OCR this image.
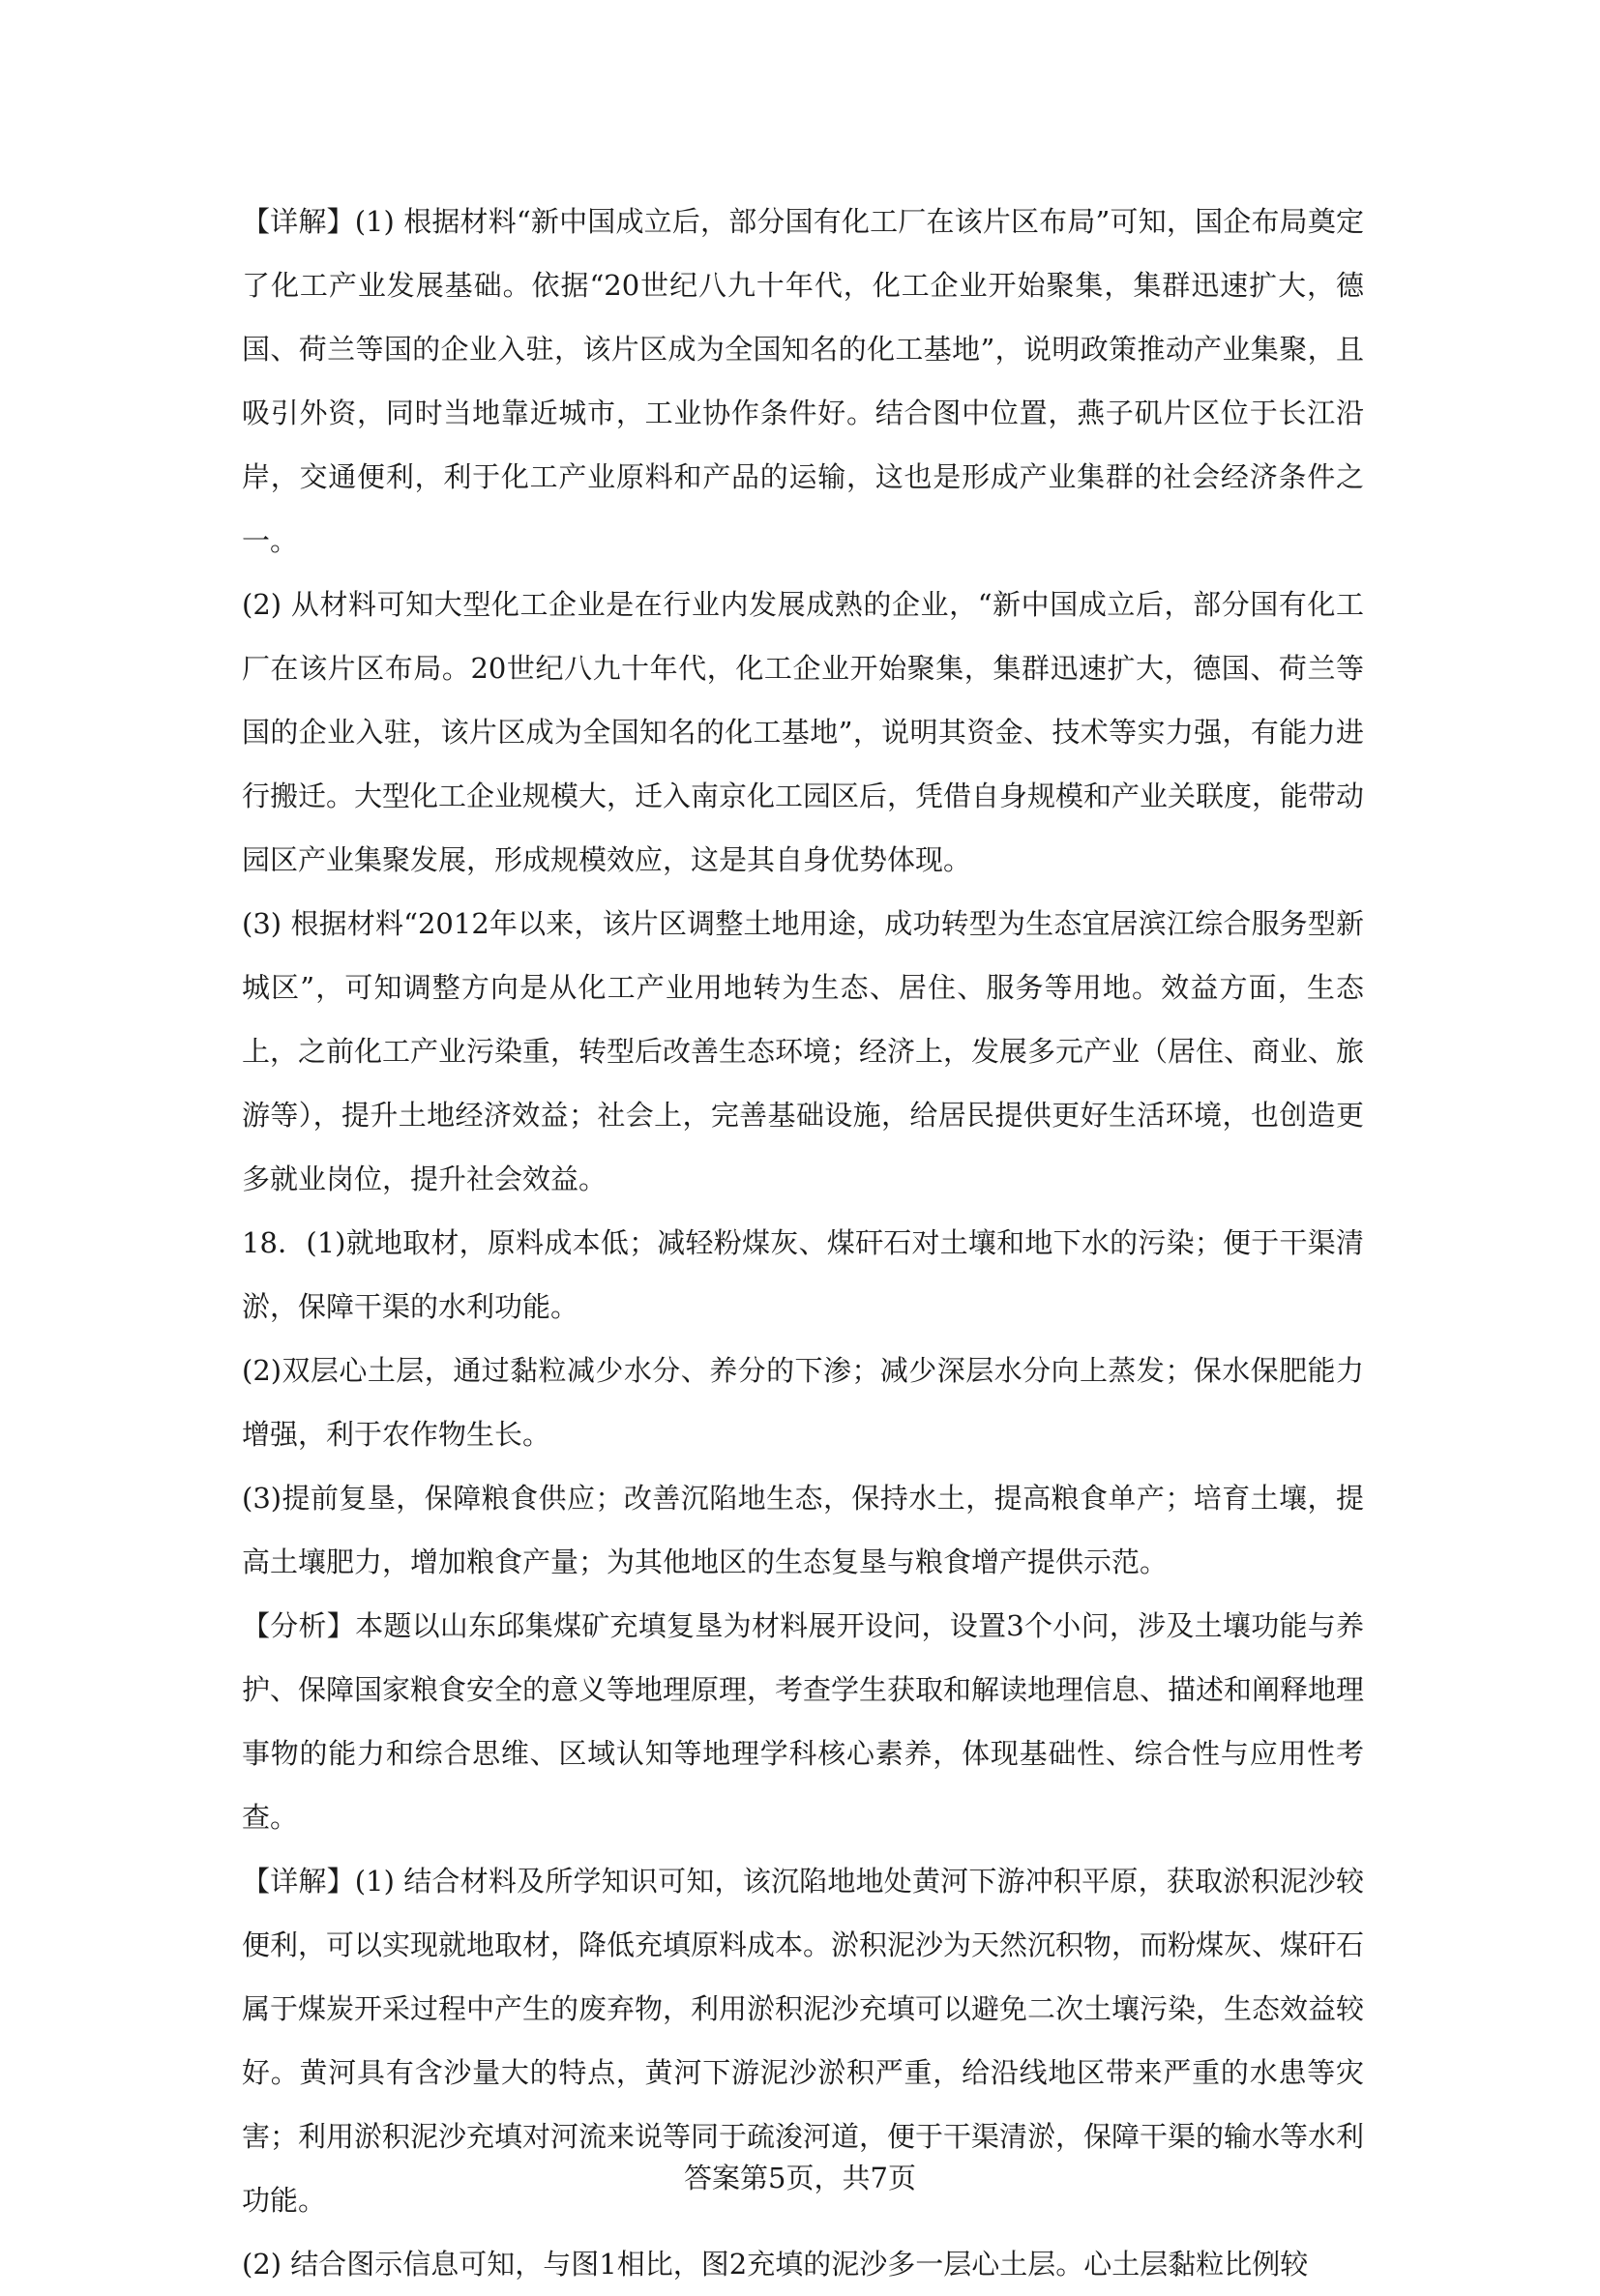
【详解】(1) 根据材料“新中国成立后，部分国有化工厂在该片区布局”可知，国企布局奠定了化工产业发展基础。依据“20世纪八九十年代，化工企业开始聚集，集群迅速扩大，德国、荷兰等国的企业入驻，该片区成为全国知名的化工基地”，说明政策推动产业集聚，且吸引外资，同时当地靠近城市，工业协作条件好。结合图中位置，燕子矶片区位于长江沿岸，交通便利，利于化工产业原料和产品的运输，这也是形成产业集群的社会经济条件之一。

(2) 从材料可知大型化工企业是在行业内发展成熟的企业，“新中国成立后，部分国有化工厂在该片区布局。20世纪八九十年代，化工企业开始聚集，集群迅速扩大，德国、荷兰等国的企业入驻，该片区成为全国知名的化工基地”，说明其资金、技术等实力强，有能力进行搬迁。大型化工企业规模大，迁入南京化工园区后，凭借自身规模和产业关联度，能带动园区产业集聚发展，形成规模效应，这是其自身优势体现。

(3) 根据材料“2012年以来，该片区调整土地用途，成功转型为生态宜居滨江综合服务型新城区”，可知调整方向是从化工产业用地转为生态、居住、服务等用地。效益方面，生态上，之前化工产业污染重，转型后改善生态环境；经济上，发展多元产业（居住、商业、旅游等），提升土地经济效益；社会上，完善基础设施，给居民提供更好生活环境，也创造更多就业岗位，提升社会效益。

18．(1)就地取材，原料成本低；减轻粉煤灰、煤矸石对土壤和地下水的污染；便于干渠清淤，保障干渠的水利功能。

(2)双层心土层，通过黏粒减少水分、养分的下渗；减少深层水分向上蒸发；保水保肥能力增强，利于农作物生长。

(3)提前复垦，保障粮食供应；改善沉陷地生态，保持水土，提高粮食单产；培育土壤，提高土壤肥力，增加粮食产量；为其他地区的生态复垦与粮食增产提供示范。

【分析】本题以山东邱集煤矿充填复垦为材料展开设问，设置3个小问，涉及土壤功能与养护、保障国家粮食安全的意义等地理原理，考查学生获取和解读地理信息、描述和阐释地理事物的能力和综合思维、区域认知等地理学科核心素养，体现基础性、综合性与应用性考查。

【详解】(1) 结合材料及所学知识可知，该沉陷地地处黄河下游冲积平原，获取淤积泥沙较便利，可以实现就地取材，降低充填原料成本。淤积泥沙为天然沉积物，而粉煤灰、煤矸石属于煤炭开采过程中产生的废弃物，利用淤积泥沙充填可以避免二次土壤污染，生态效益较好。黄河具有含沙量大的特点，黄河下游泥沙淤积严重，给沿线地区带来严重的水患等灾害；利用淤积泥沙充填对河流来说等同于疏浚河道，便于干渠清淤，保障干渠的输水等水利功能。

(2) 结合图示信息可知，与图1相比，图2充填的泥沙多一层心土层。心土层黏粒比例较

答案第5页，共7页
